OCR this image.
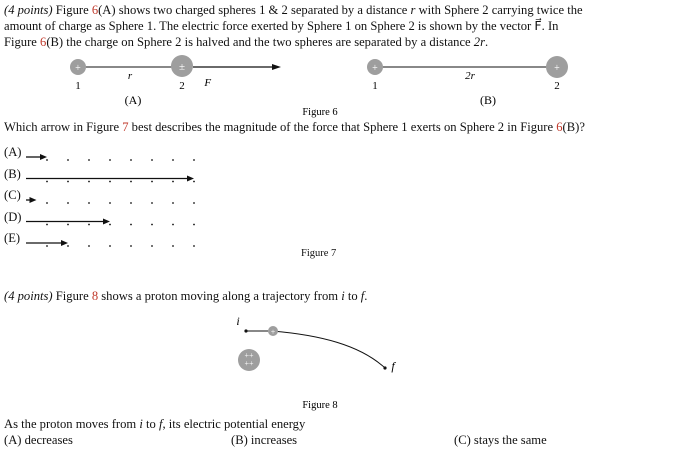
(4 points) Figure 6(A) shows two charged spheres 1 & 2 separated by a distance r with Sphere 2 carrying twice the
amount of charge as Sphere 1. The electric force exerted by Sphere 1 on Sphere 2 is shown by the vector F⃗. In
Figure 6(B) the charge on Sphere 2 is halved and the two spheres are separated by a distance 2r.
+	±
r
1	2 F⃗
(A)
+	+
2r
1	2
(B)
Figure 6
Which arrow in Figure 7 best describes the magnitude of the force that Sphere 1 exerts on Sphere 2 in Figure 6(B)?
(A)
(B)
(C)
(D)
(E)
Figure 7
(4 points) Figure 8 shows a proton moving along a trajectory from i to f.
i
+
f
++
++
Figure 8
As the proton moves from i to f, its electric potential energy
(A) decreases	(B) increases	(C) stays the same
